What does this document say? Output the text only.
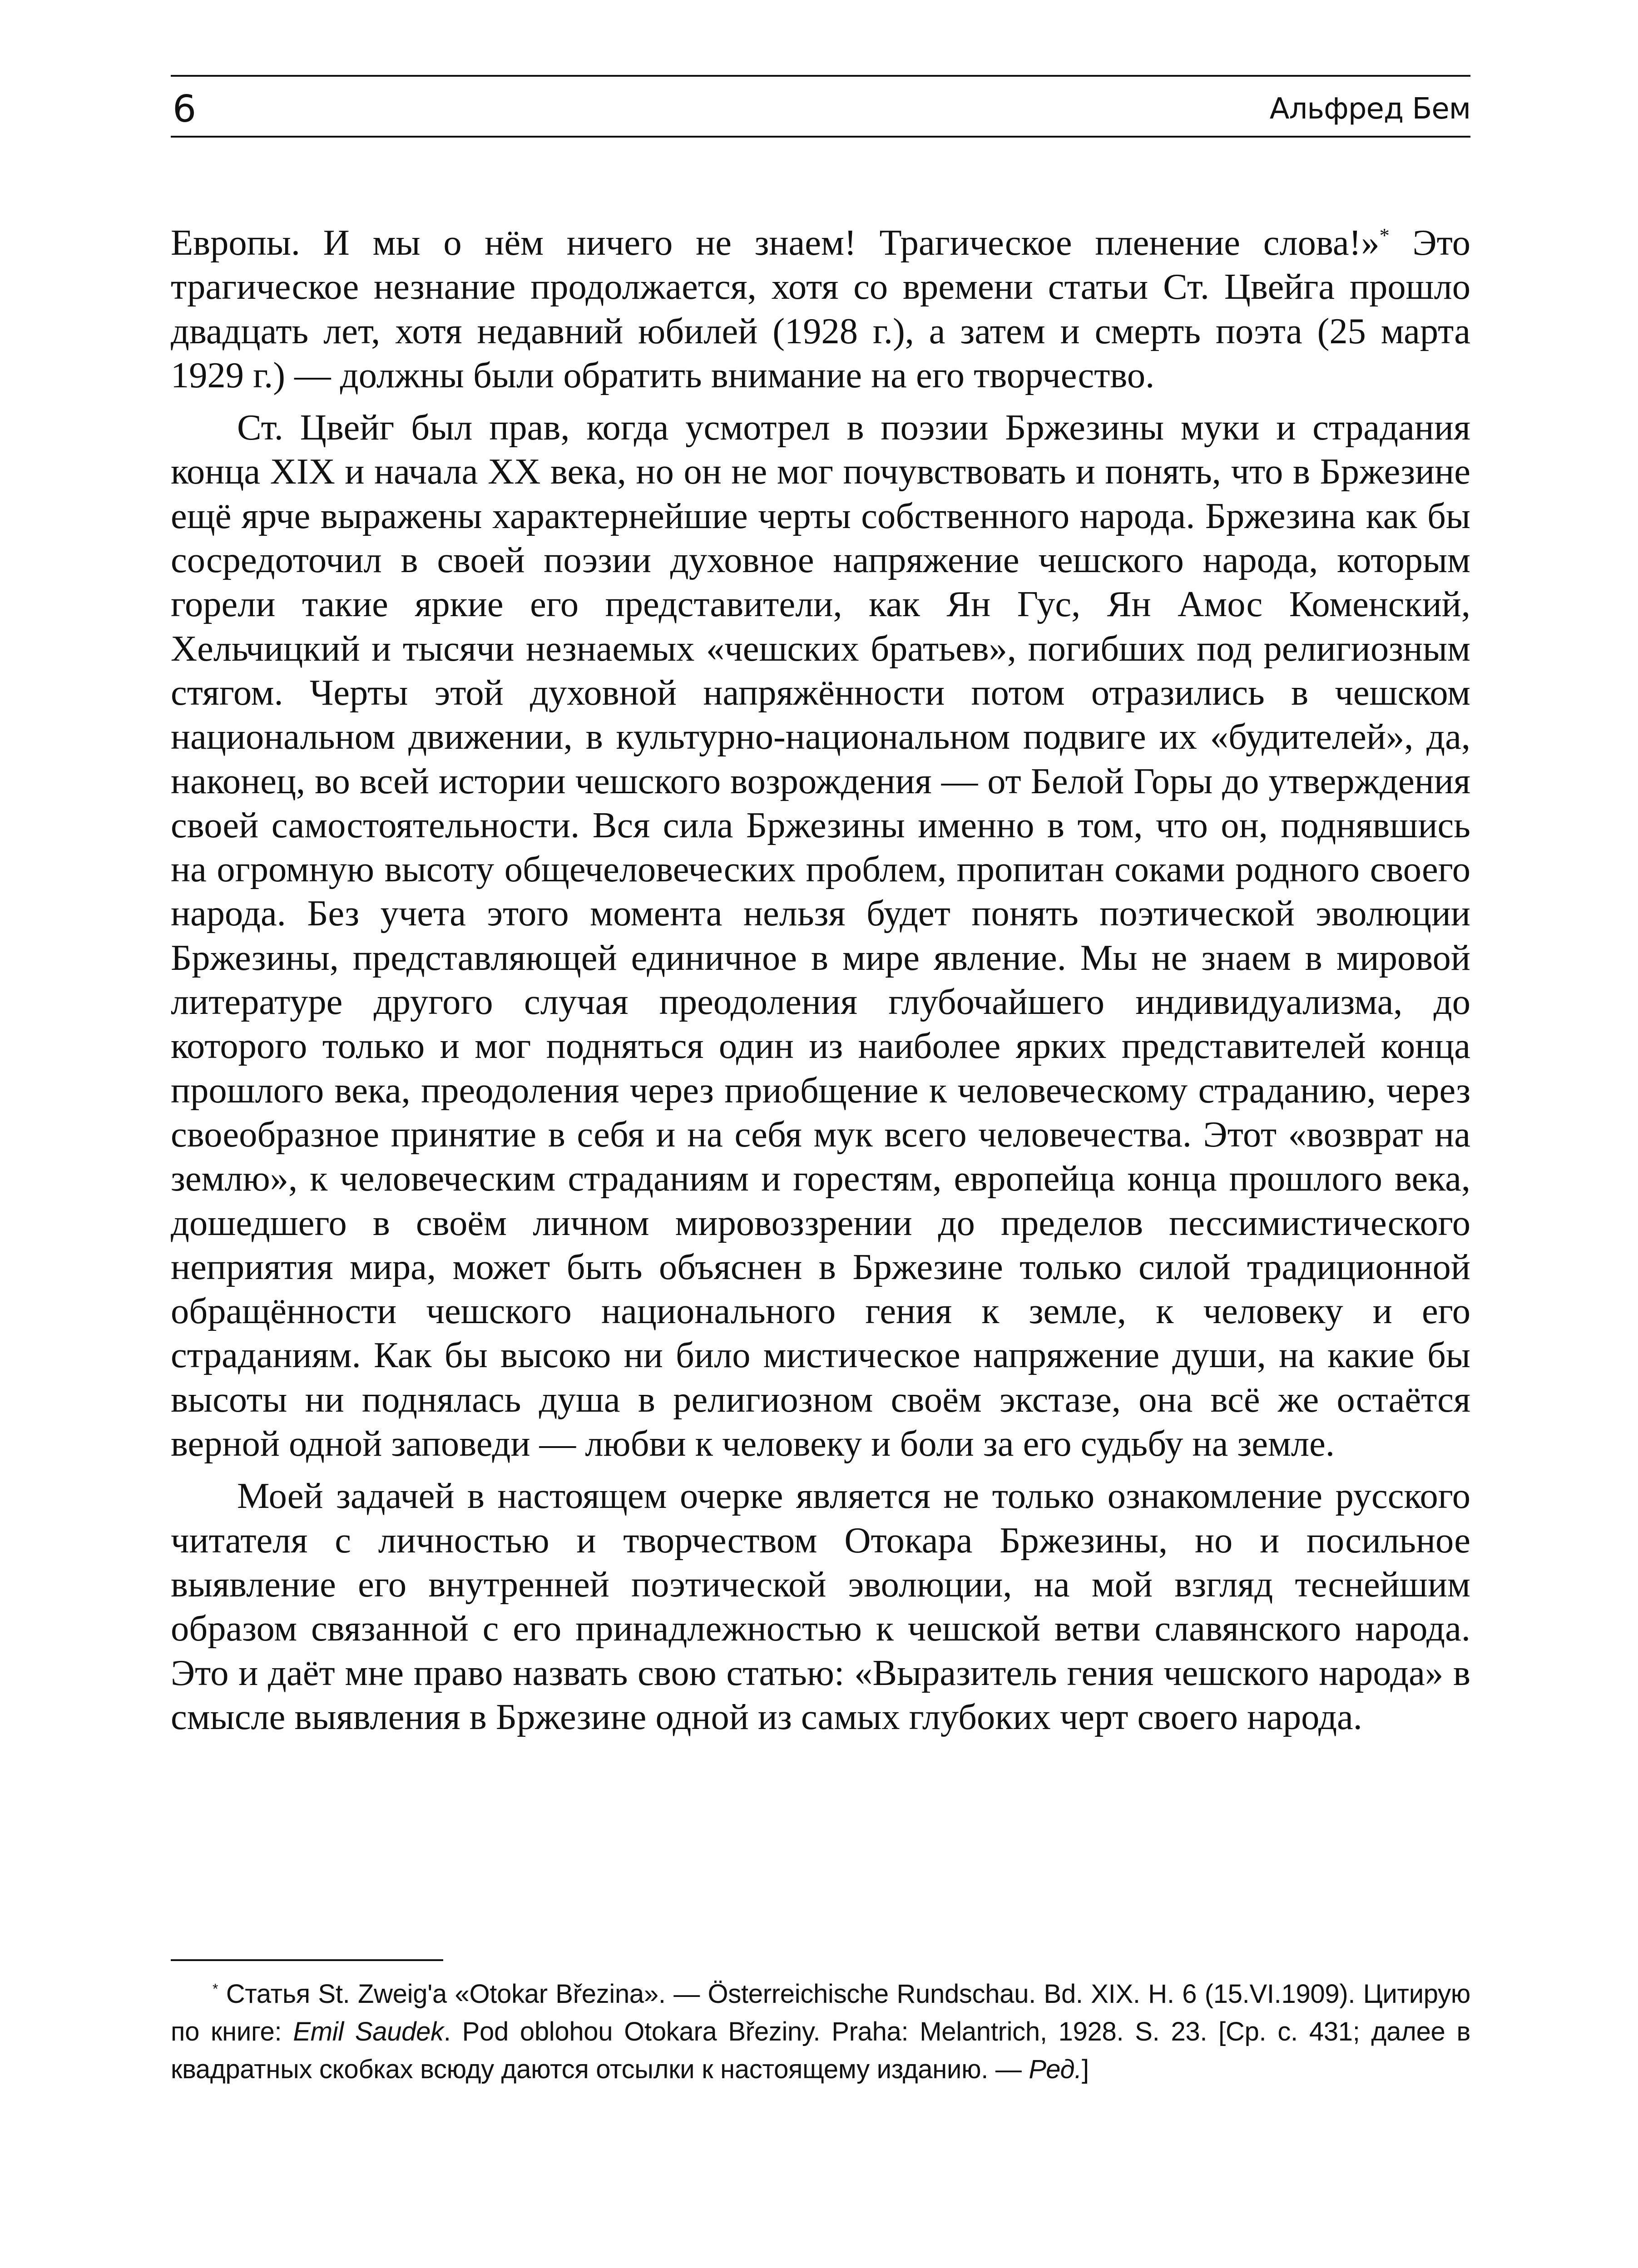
6	Альфред Бем

Европы. И мы о нём ничего не знаем! Трагическое пленение слова!»* Это трагическое незнание продолжается, хотя со времени статьи Ст. Цвейга прошло двадцать лет, хотя недавний юбилей (1928 г.), а затем и смерть поэта (25 марта 1929 г.) — должны были обратить внимание на его творчество.

Ст. Цвейг был прав, когда усмотрел в поэзии Бржезины муки и страдания конца XIX и начала XX века, но он не мог почувствовать и понять, что в Бржезине ещё ярче выражены характернейшие черты собственного народа. Бржезина как бы сосредоточил в своей поэзии духовное напряжение чешского народа, которым горели такие яркие его представители, как Ян Гус, Ян Амос Коменский, Хельчицкий и тысячи незнаемых «чешских братьев», погибших под религиозным стягом. Черты этой духовной напряжённости потом отразились в чешском национальном движении, в культурно-национальном подвиге их «будителей», да, наконец, во всей истории чешского возрождения — от Белой Горы до утверждения своей самостоятельности. Вся сила Бржезины именно в том, что он, поднявшись на огромную высоту общечеловеческих проблем, пропитан соками родного своего народа. Без учета этого момента нельзя будет понять поэтической эволюции Бржезины, представляющей единичное в мире явление. Мы не знаем в мировой литературе другого случая преодоления глубочайшего индивидуализма, до которого только и мог подняться один из наиболее ярких представителей конца прошлого века, преодоления через приобщение к человеческому страданию, через своеобразное принятие в себя и на себя мук всего человечества. Этот «возврат на землю», к человеческим страданиям и горестям, европейца конца прошлого века, дошедшего в своём личном мировоззрении до пределов пессимистического неприятия мира, может быть объяснен в Бржезине только силой традиционной обращённости чешского национального гения к земле, к человеку и его страданиям. Как бы высоко ни било мистическое напряжение души, на какие бы высоты ни поднялась душа в религиозном своём экстазе, она всё же остаётся верной одной заповеди — любви к человеку и боли за его судьбу на земле.

Моей задачей в настоящем очерке является не только ознакомление русского читателя с личностью и творчеством Отокара Бржезины, но и посильное выявление его внутренней поэтической эволюции, на мой взгляд теснейшим образом связанной с его принадлежностью к чешской ветви славянского народа. Это и даёт мне право назвать свою статью: «Выразитель гения чешского народа» в смысле выявления в Бржезине одной из самых глубоких черт своего народа.

* Статья St. Zweig'a «Otokar Březina». — Österreichische Rundschau. Bd. XIX. H. 6 (15.VI.1909). Цитирую по книге: Emil Saudek. Pod oblohou Otokara Březiny. Praha: Melantrich, 1928. S. 23. [Ср. с. 431; далее в квадратных скобках всюду даются отсылки к настоящему изданию. — Ред.]
